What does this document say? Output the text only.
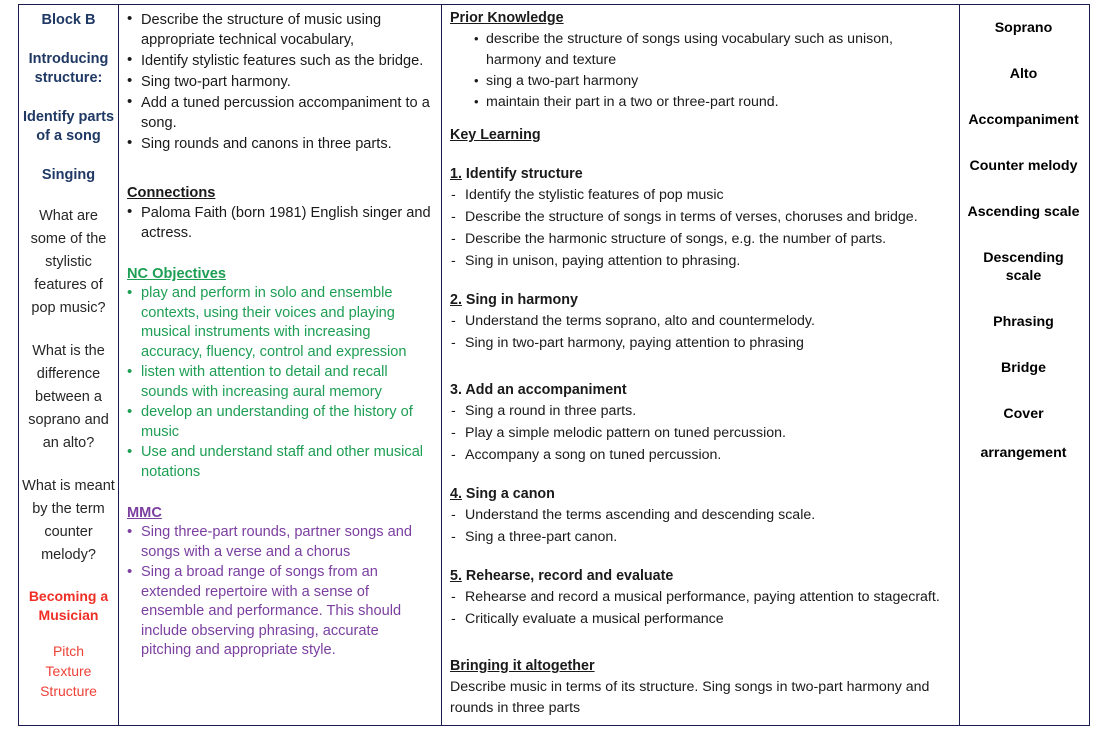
Block B
Introducing structure:
Identify parts of a song
Singing
What are some of the stylistic features of pop music?
What is the difference between a soprano and an alto?
What is meant by the term counter melody?
Becoming a Musician
Pitch
Texture
Structure
• Describe the structure of music using appropriate technical vocabulary,
• Identify stylistic features such as the bridge.
• Sing two-part harmony.
• Add a tuned percussion accompaniment to a song.
• Sing rounds and canons in three parts.
Connections
• Paloma Faith (born 1981) English singer and actress.
NC Objectives
• play and perform in solo and ensemble contexts, using their voices and playing musical instruments with increasing accuracy, fluency, control and expression
• listen with attention to detail and recall sounds with increasing aural memory
• develop an understanding of the history of music
• Use and understand staff and other musical notations
MMC
• Sing three-part rounds, partner songs and songs with a verse and a chorus
• Sing a broad range of songs from an extended repertoire with a sense of ensemble and performance. This should include observing phrasing, accurate pitching and appropriate style.
Prior Knowledge
• describe the structure of songs using vocabulary such as unison, harmony and texture
• sing a two-part harmony
• maintain their part in a two or three-part round.
Key Learning
1. Identify structure
- Identify the stylistic features of pop music
- Describe the structure of songs in terms of verses, choruses and bridge.
- Describe the harmonic structure of songs, e.g. the number of parts.
- Sing in unison, paying attention to phrasing.
2. Sing in harmony
- Understand the terms soprano, alto and countermelody.
- Sing in two-part harmony, paying attention to phrasing
3. Add an accompaniment
- Sing a round in three parts.
- Play a simple melodic pattern on tuned percussion.
- Accompany a song on tuned percussion.
4. Sing a canon
- Understand the terms ascending and descending scale.
- Sing a three-part canon.
5. Rehearse, record and evaluate
- Rehearse and record a musical performance, paying attention to stagecraft.
- Critically evaluate a musical performance
Bringing it altogether

Describe music in terms of its structure. Sing songs in two-part harmony and rounds in three parts

Soprano
Alto
Accompaniment
Counter melody
Ascending scale
Descending scale
Phrasing
Bridge
Cover
arrangement
